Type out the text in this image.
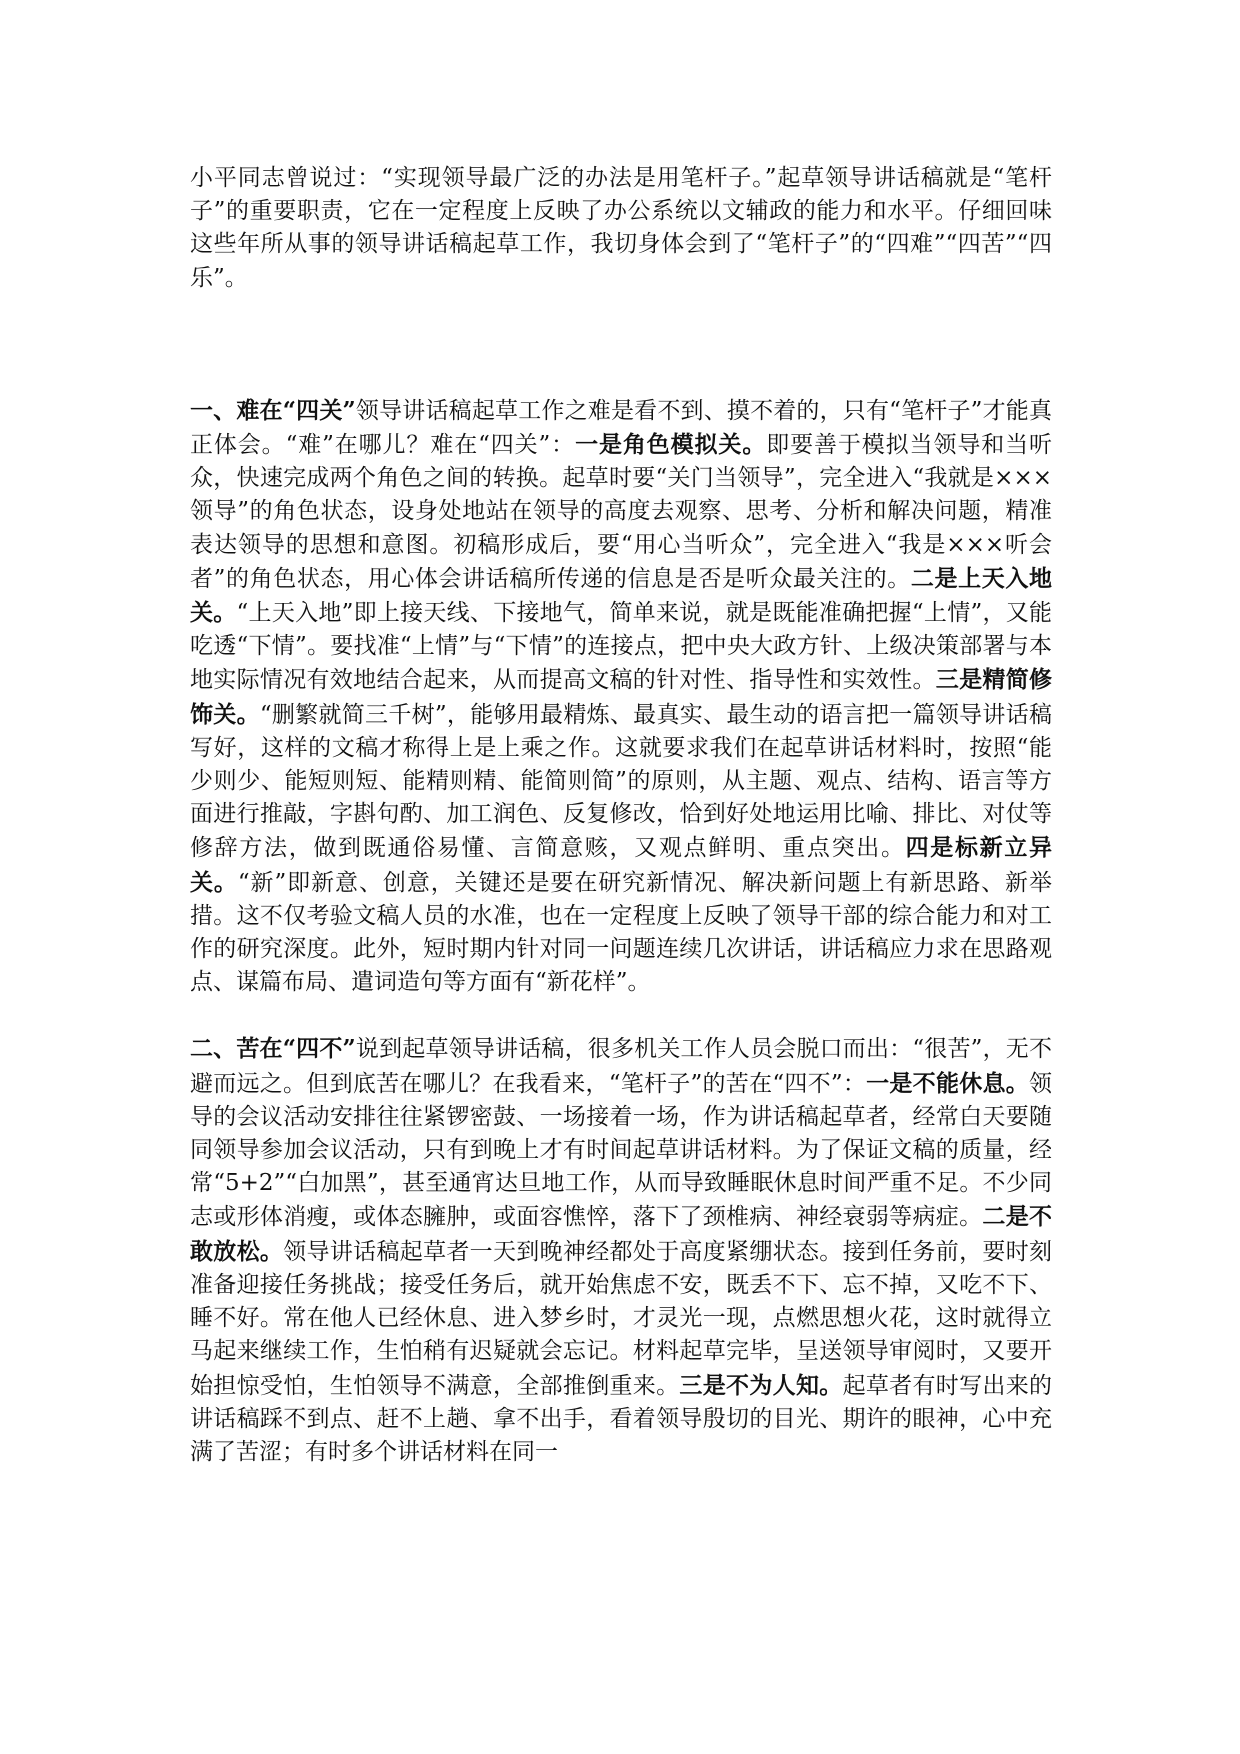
小平同志曾说过：“实现领导最广泛的办法是用笔杆子。”起草领导讲话稿就是“笔杆子”的重要职责，它在一定程度上反映了办公系统以文辅政的能力和水平。仔细回味这些年所从事的领导讲话稿起草工作，我切身体会到了“笔杆子”的“四难”“四苦”“四乐”。

一、难在“四关”领导讲话稿起草工作之难是看不到、摸不着的，只有“笔杆子”才能真正体会。“难”在哪儿？难在“四关”：一是角色模拟关。即要善于模拟当领导和当听众，快速完成两个角色之间的转换。起草时要“关门当领导”，完全进入“我就是×××领导”的角色状态，设身处地站在领导的高度去观察、思考、分析和解决问题，精准表达领导的思想和意图。初稿形成后，要“用心当听众”，完全进入“我是×××听会者”的角色状态，用心体会讲话稿所传递的信息是否是听众最关注的。二是上天入地关。“上天入地”即上接天线、下接地气，简单来说，就是既能准确把握“上情”，又能吃透“下情”。要找准“上情”与“下情”的连接点，把中央大政方针、上级决策部署与本地实际情况有效地结合起来，从而提高文稿的针对性、指导性和实效性。三是精简修饰关。“删繁就简三千树”，能够用最精炼、最真实、最生动的语言把一篇领导讲话稿写好，这样的文稿才称得上是上乘之作。这就要求我们在起草讲话材料时，按照“能少则少、能短则短、能精则精、能简则简”的原则，从主题、观点、结构、语言等方面进行推敲，字斟句酌、加工润色、反复修改，恰到好处地运用比喻、排比、对仗等修辞方法，做到既通俗易懂、言简意赅，又观点鲜明、重点突出。四是标新立异关。“新”即新意、创意，关键还是要在研究新情况、解决新问题上有新思路、新举措。这不仅考验文稿人员的水准，也在一定程度上反映了领导干部的综合能力和对工作的研究深度。此外，短时期内针对同一问题连续几次讲话，讲话稿应力求在思路观点、谋篇布局、遣词造句等方面有“新花样”。

二、苦在“四不”说到起草领导讲话稿，很多机关工作人员会脱口而出：“很苦”，无不避而远之。但到底苦在哪儿？在我看来，“笔杆子”的苦在“四不”：一是不能休息。领导的会议活动安排往往紧锣密鼓、一场接着一场，作为讲话稿起草者，经常白天要随同领导参加会议活动，只有到晚上才有时间起草讲话材料。为了保证文稿的质量，经常“5+2”“白加黑”，甚至通宵达旦地工作，从而导致睡眠休息时间严重不足。不少同志或形体消瘦，或体态臃肿，或面容憔悴，落下了颈椎病、神经衰弱等病症。二是不敢放松。领导讲话稿起草者一天到晚神经都处于高度紧绷状态。接到任务前，要时刻准备迎接任务挑战；接受任务后，就开始焦虑不安，既丢不下、忘不掉，又吃不下、睡不好。常在他人已经休息、进入梦乡时，才灵光一现，点燃思想火花，这时就得立马起来继续工作，生怕稍有迟疑就会忘记。材料起草完毕，呈送领导审阅时，又要开始担惊受怕，生怕领导不满意，全部推倒重来。三是不为人知。起草者有时写出来的讲话稿踩不到点、赶不上趟、拿不出手，看着领导殷切的目光、期许的眼神，心中充满了苦涩；有时多个讲话材料在同一
